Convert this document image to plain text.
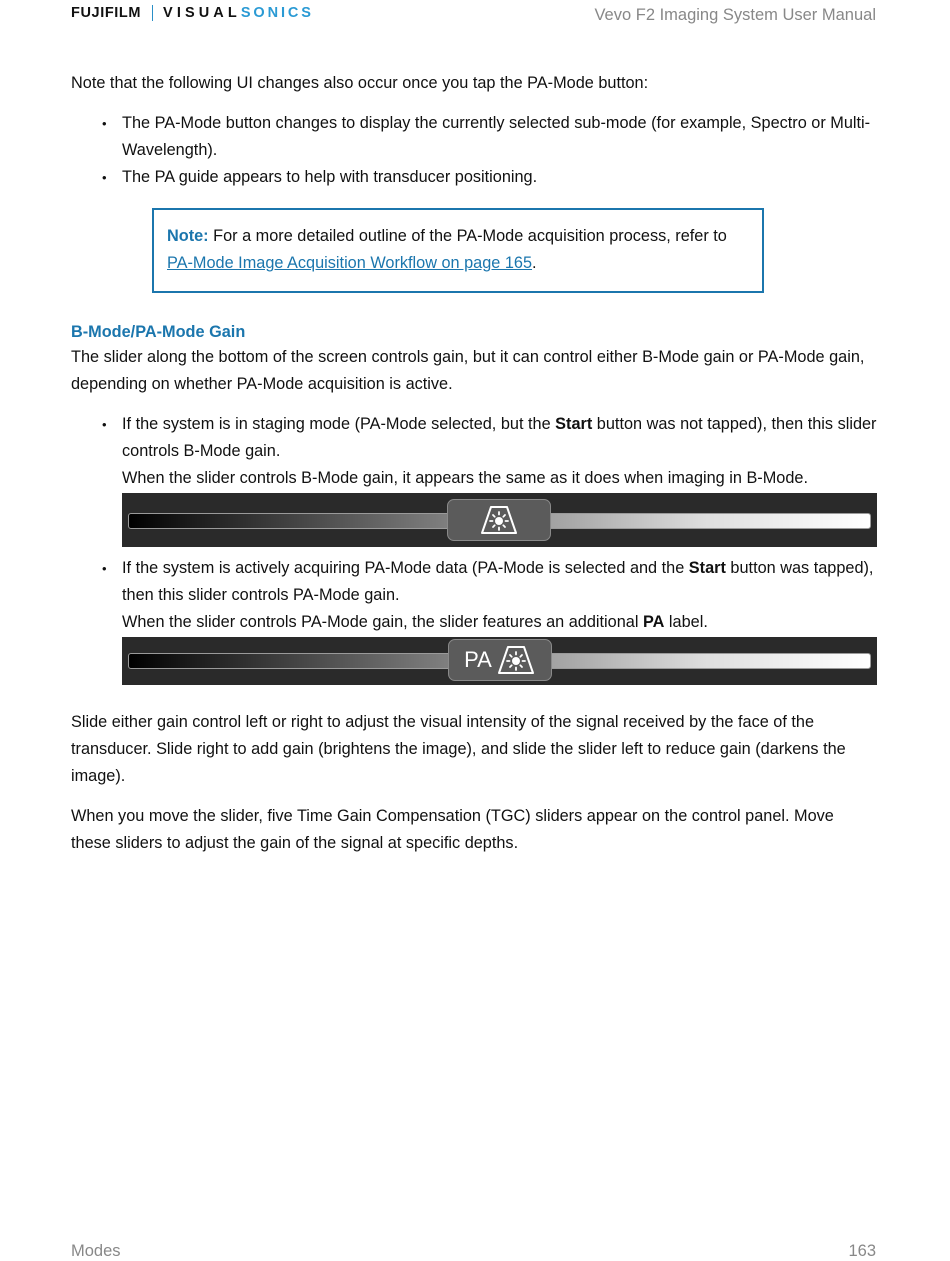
FUJIFILM VISUAL SONICS	Vevo F2 Imaging System User Manual

Note that the following UI changes also occur once you tap the PA-Mode button:

• The PA-Mode button changes to display the currently selected sub-mode (for example, Spectro or Multi-Wavelength).
• The PA guide appears to help with transducer positioning.
Note: For a more detailed outline of the PA-Mode acquisition process, refer to
PA-Mode Image Acquisition Workflow on page 165.
B-Mode/PA-Mode Gain

The slider along the bottom of the screen controls gain, but it can control either B-Mode gain or PA-Mode gain, depending on whether PA-Mode acquisition is active.

• If the system is in staging mode (PA-Mode selected, but the Start button was not tapped), then this slider controls B-Mode gain.
When the slider controls B-Mode gain, it appears the same as it does when imaging in B-Mode.
• If the system is actively acquiring PA-Mode data (PA-Mode is selected and the Start button was tapped), then this slider controls PA-Mode gain.
When the slider controls PA-Mode gain, the slider features an additional PA label.
PA

Slide either gain control left or right to adjust the visual intensity of the signal received by the face of the transducer. Slide right to add gain (brightens the image), and slide the slider left to reduce gain (darkens the image).

When you move the slider, five Time Gain Compensation (TGC) sliders appear on the control panel. Move these sliders to adjust the gain of the signal at specific depths.

Modes	163
